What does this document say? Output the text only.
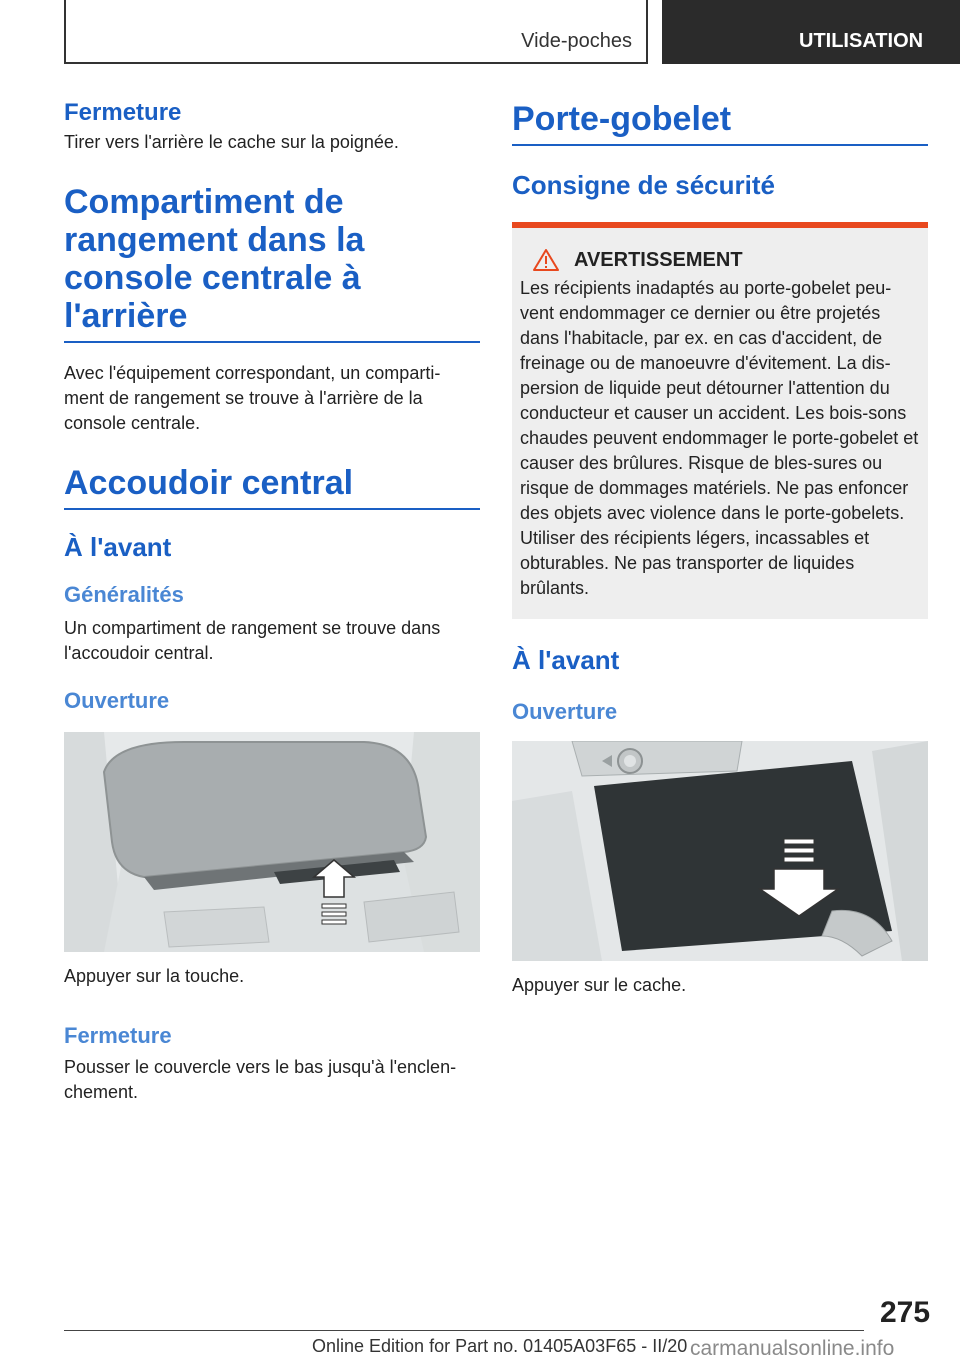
Vide-poches	UTILISATION
Fermeture
Tirer vers l'arrière le cache sur la poignée.
Compartiment de rangement dans la console centrale à l'arrière
Avec l'équipement correspondant, un comparti‐ment de rangement se trouve à l'arrière de la console centrale.
Accoudoir central
À l'avant
Généralités
Un compartiment de rangement se trouve dans l'accoudoir central.
Ouverture
Appuyer sur la touche.
Fermeture
Pousser le couvercle vers le bas jusqu'à l'enclen‐chement.
Porte-gobelet
Consigne de sécurité
AVERTISSEMENT
Les récipients inadaptés au porte-gobelet peu‐vent endommager ce dernier ou être projetés dans l'habitacle, par ex. en cas d'accident, de freinage ou de manoeuvre d'évitement. La dis‐persion de liquide peut détourner l'attention du conducteur et causer un accident. Les bois‐sons chaudes peuvent endommager le porte-gobelet et causer des brûlures. Risque de bles‐sures ou risque de dommages matériels. Ne pas enfoncer des objets avec violence dans le porte-gobelets. Utiliser des récipients légers, incassables et obturables. Ne pas transporter de liquides brûlants.
À l'avant
Ouverture
Appuyer sur le cache.
275
Online Edition for Part no. 01405A03F65 - II/20 carmanualsonline.info
